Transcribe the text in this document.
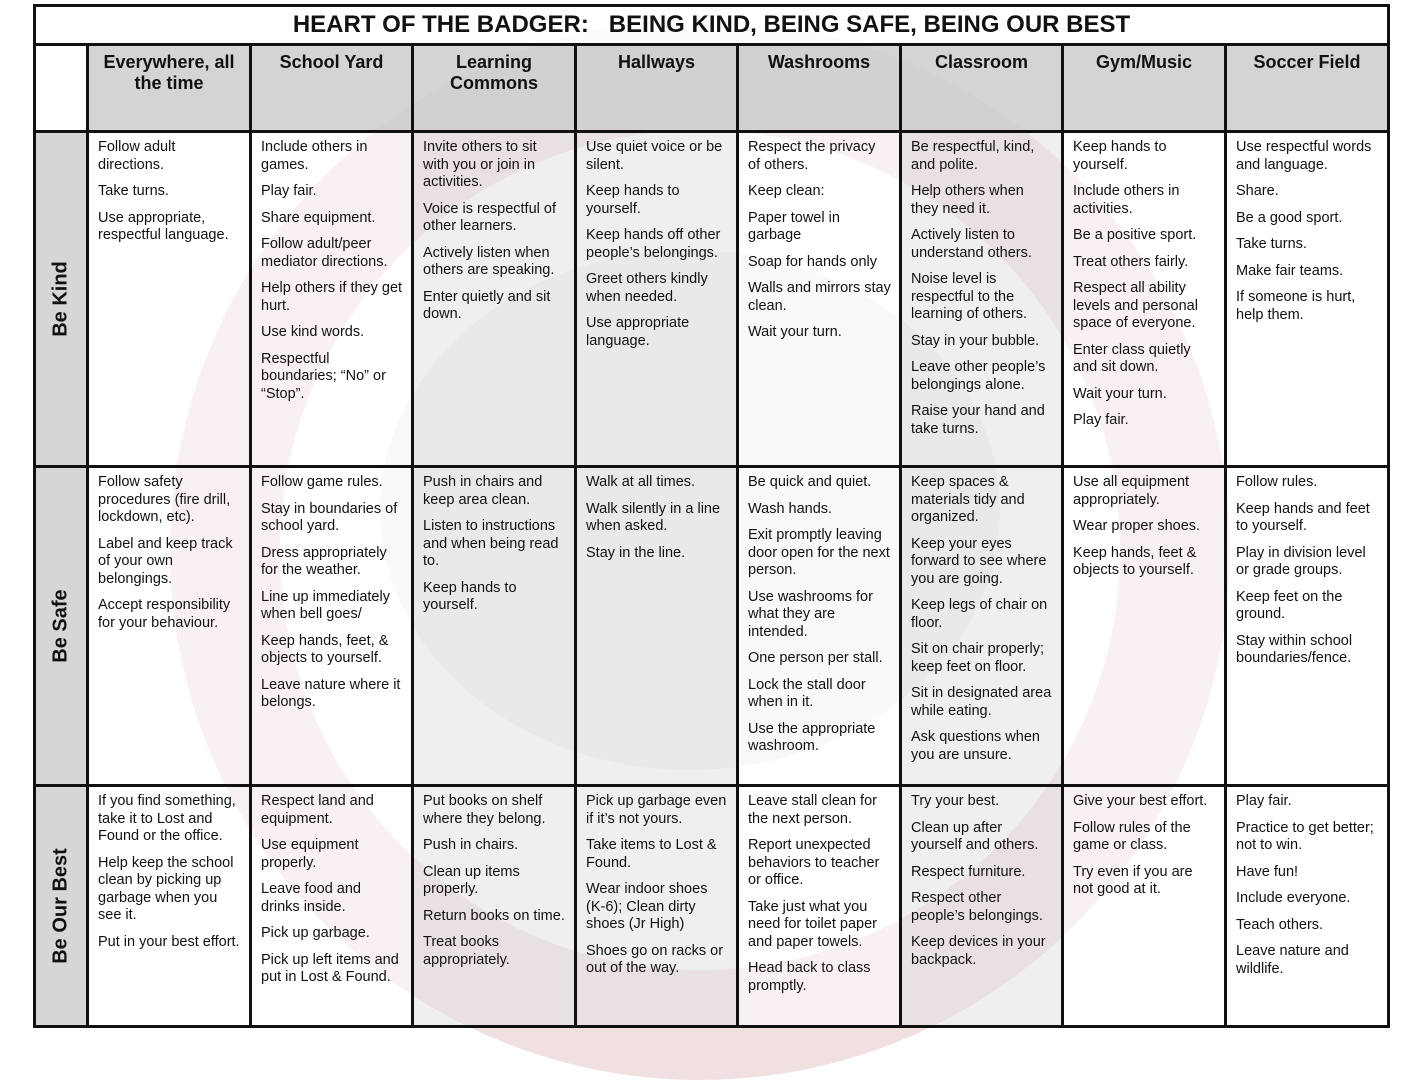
HEART OF THE BADGER:   BEING KIND, BEING SAFE, BEING OUR BEST								
	Everywhere, all the time	School Yard	Learning Commons	Hallways	Washrooms	Classroom	Gym/Music	Soccer Field

Be Kind

Follow adult directions.
Take turns.
Use appropriate, respectful language.

Include others in games.
Play fair.
Share equipment.
Follow adult/peer mediator directions.
Help others if they get hurt.
Use kind words.
Respectful boundaries; “No” or “Stop”.

Invite others to sit with you or join in activities.
Voice is respectful of other learners.
Actively listen when others are speaking.
Enter quietly and sit down.

Use quiet voice or be silent.
Keep hands to yourself.
Keep hands off other people’s belongings.
Greet others kindly when needed.
Use appropriate language.

Respect the privacy of others.
Keep clean:
Paper towel in garbage
Soap for hands only
Walls and mirrors stay clean.
Wait your turn.

Be respectful, kind, and polite.
Help others when they need it.
Actively listen to understand others.
Noise level is respectful to the learning of others.
Stay in your bubble.
Leave other people’s belongings alone.
Raise your hand and take turns.

Keep hands to yourself.
Include others in activities.
Be a positive sport.
Treat others fairly.
Respect all ability levels and personal space of everyone.
Enter class quietly and sit down.
Wait your turn.
Play fair.

Use respectful words and language.
Share.
Be a good sport.
Take turns.
Make fair teams.
If someone is hurt, help them.

Be Safe

Follow safety procedures (fire drill, lockdown, etc).
Label and keep track of your own belongings.
Accept responsibility for your behaviour.

Follow game rules.
Stay in boundaries of school yard.
Dress appropriately for the weather.
Line up immediately when bell goes/
Keep hands, feet, & objects to yourself.
Leave nature where it belongs.

Push in chairs and keep area clean.
Listen to instructions and when being read to.
Keep hands to yourself.

Walk at all times.
Walk silently in a line when asked.
Stay in the line.

Be quick and quiet.
Wash hands.
Exit promptly leaving door open for the next person.
Use washrooms for what they are intended.
One person per stall.
Lock the stall door when in it.
Use the appropriate washroom.

Keep spaces & materials tidy and organized.
Keep your eyes forward to see where you are going.
Keep legs of chair on floor.
Sit on chair properly; keep feet on floor.
Sit in designated area while eating.
Ask questions when you are unsure.

Use all equipment appropriately.
Wear proper shoes.
Keep hands, feet & objects to yourself.

Follow rules.
Keep hands and feet to yourself.
Play in division level or grade groups.
Keep feet on the ground.
Stay within school boundaries/fence.

Be Our Best

If you find something, take it to Lost and Found or the office.
Help keep the school clean by picking up garbage when you see it.
Put in your best effort.

Respect land and equipment.
Use equipment properly.
Leave food and drinks inside.
Pick up garbage.
Pick up left items and put in Lost & Found.

Put books on shelf where they belong.
Push in chairs.
Clean up items properly.
Return books on time.
Treat books appropriately.

Pick up garbage even if it’s not yours.
Take items to Lost & Found.
Wear indoor shoes (K-6); Clean dirty shoes (Jr High)
Shoes go on racks or out of the way.

Leave stall clean for the next person.
Report unexpected behaviors to teacher or office.
Take just what you need for toilet paper and paper towels.
Head back to class promptly.

Try your best.
Clean up after yourself and others.
Respect furniture.
Respect other people’s belongings.
Keep devices in your backpack.

Give your best effort.
Follow rules of the game or class.
Try even if you are not good at it.

Play fair.
Practice to get better; not to win.
Have fun!
Include everyone.
Teach others.
Leave nature and wildlife.
